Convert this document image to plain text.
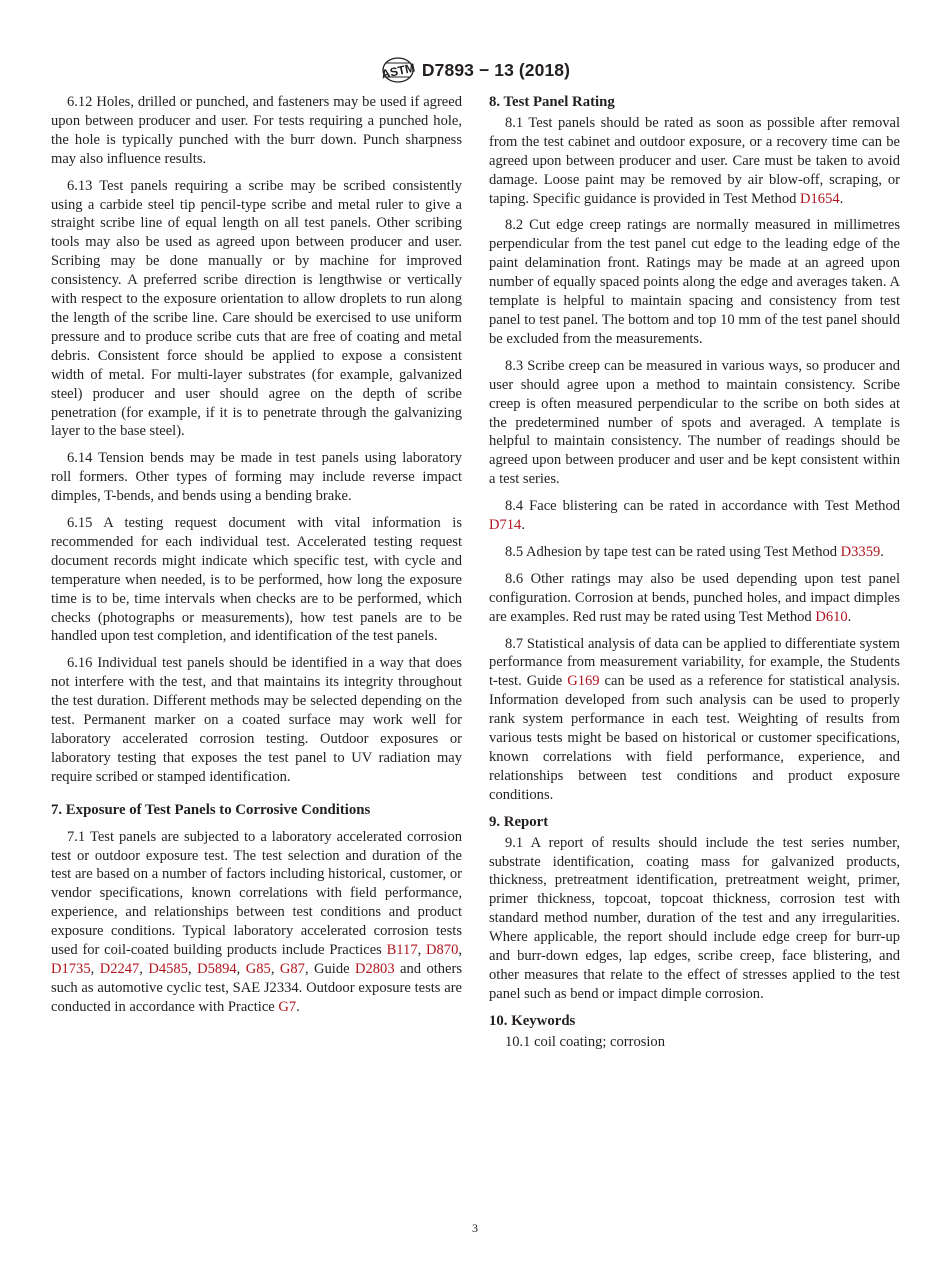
ASTM D7893 − 13 (2018)

6.12 Holes, drilled or punched, and fasteners may be used if agreed upon between producer and user. For tests requiring a punched hole, the hole is typically punched with the burr down. Punch sharpness may also influence results.

6.13 Test panels requiring a scribe may be scribed consistently using a carbide steel tip pencil-type scribe and metal ruler to give a straight scribe line of equal length on all test panels. Other scribing tools may also be used as agreed upon between producer and user. Scribing may be done manually or by machine for improved consistency. A preferred scribe direction is lengthwise or vertically with respect to the exposure orientation to allow droplets to run along the length of the scribe line. Care should be exercised to use uniform pressure and to produce scribe cuts that are free of coating and metal debris. Consistent force should be applied to expose a consistent width of metal. For multi-layer substrates (for example, galvanized steel) producer and user should agree on the depth of scribe penetration (for example, if it is to penetrate through the galvanizing layer to the base steel).

6.14 Tension bends may be made in test panels using laboratory roll formers. Other types of forming may include reverse impact dimples, T-bends, and bends using a bending brake.

6.15 A testing request document with vital information is recommended for each individual test. Accelerated testing request document records might indicate which specific test, with cycle and temperature when needed, is to be performed, how long the exposure time is to be, time intervals when checks are to be performed, which checks (photographs or measurements), how test panels are to be handled upon test completion, and identification of the test panels.

6.16 Individual test panels should be identified in a way that does not interfere with the test, and that maintains its integrity throughout the test duration. Different methods may be selected depending on the test. Permanent marker on a coated surface may work well for laboratory accelerated corrosion testing. Outdoor exposures or laboratory testing that exposes the test panel to UV radiation may require scribed or stamped identification.

7. Exposure of Test Panels to Corrosive Conditions

7.1 Test panels are subjected to a laboratory accelerated corrosion test or outdoor exposure test. The test selection and duration of the test are based on a number of factors including historical, customer, or vendor specifications, known correlations with field performance, experience, and relationships between test conditions and product exposure conditions. Typical laboratory accelerated corrosion tests used for coil-coated building products include Practices B117, D870, D1735, D2247, D4585, D5894, G85, G87, Guide D2803 and others such as automotive cyclic test, SAE J2334. Outdoor exposure tests are conducted in accordance with Practice G7.

8. Test Panel Rating

8.1 Test panels should be rated as soon as possible after removal from the test cabinet and outdoor exposure, or a recovery time can be agreed upon between producer and user. Care must be taken to avoid damage. Loose paint may be removed by air blow-off, scraping, or taping. Specific guidance is provided in Test Method D1654.

8.2 Cut edge creep ratings are normally measured in millimetres perpendicular from the test panel cut edge to the leading edge of the paint delamination front. Ratings may be made at an agreed upon number of equally spaced points along the edge and averages taken. A template is helpful to maintain spacing and consistency from test panel to test panel. The bottom and top 10 mm of the test panel should be excluded from the measurements.

8.3 Scribe creep can be measured in various ways, so producer and user should agree upon a method to maintain consistency. Scribe creep is often measured perpendicular to the scribe on both sides at the predetermined number of spots and averaged. A template is helpful to maintain consistency. The number of readings should be agreed upon between producer and user and be kept consistent within a test series.

8.4 Face blistering can be rated in accordance with Test Method D714.

8.5 Adhesion by tape test can be rated using Test Method D3359.

8.6 Other ratings may also be used depending upon test panel configuration. Corrosion at bends, punched holes, and impact dimples are examples. Red rust may be rated using Test Method D610.

8.7 Statistical analysis of data can be applied to differentiate system performance from measurement variability, for example, the Students t-test. Guide G169 can be used as a reference for statistical analysis. Information developed from such analysis can be used to properly rank system performance in each test. Weighting of results from various tests might be based on historical or customer specifications, known correlations with field performance, experience, and relationships between test conditions and product exposure conditions.

9. Report

9.1 A report of results should include the test series number, substrate identification, coating mass for galvanized products, thickness, pretreatment identification, pretreatment weight, primer, primer thickness, topcoat, topcoat thickness, corrosion test with standard method number, duration of the test and any irregularities. Where applicable, the report should include edge creep for burr-up and burr-down edges, lap edges, scribe creep, face blistering, and other measures that relate to the effect of stresses applied to the test panel such as bend or impact dimple corrosion.

10. Keywords

10.1 coil coating; corrosion

3
